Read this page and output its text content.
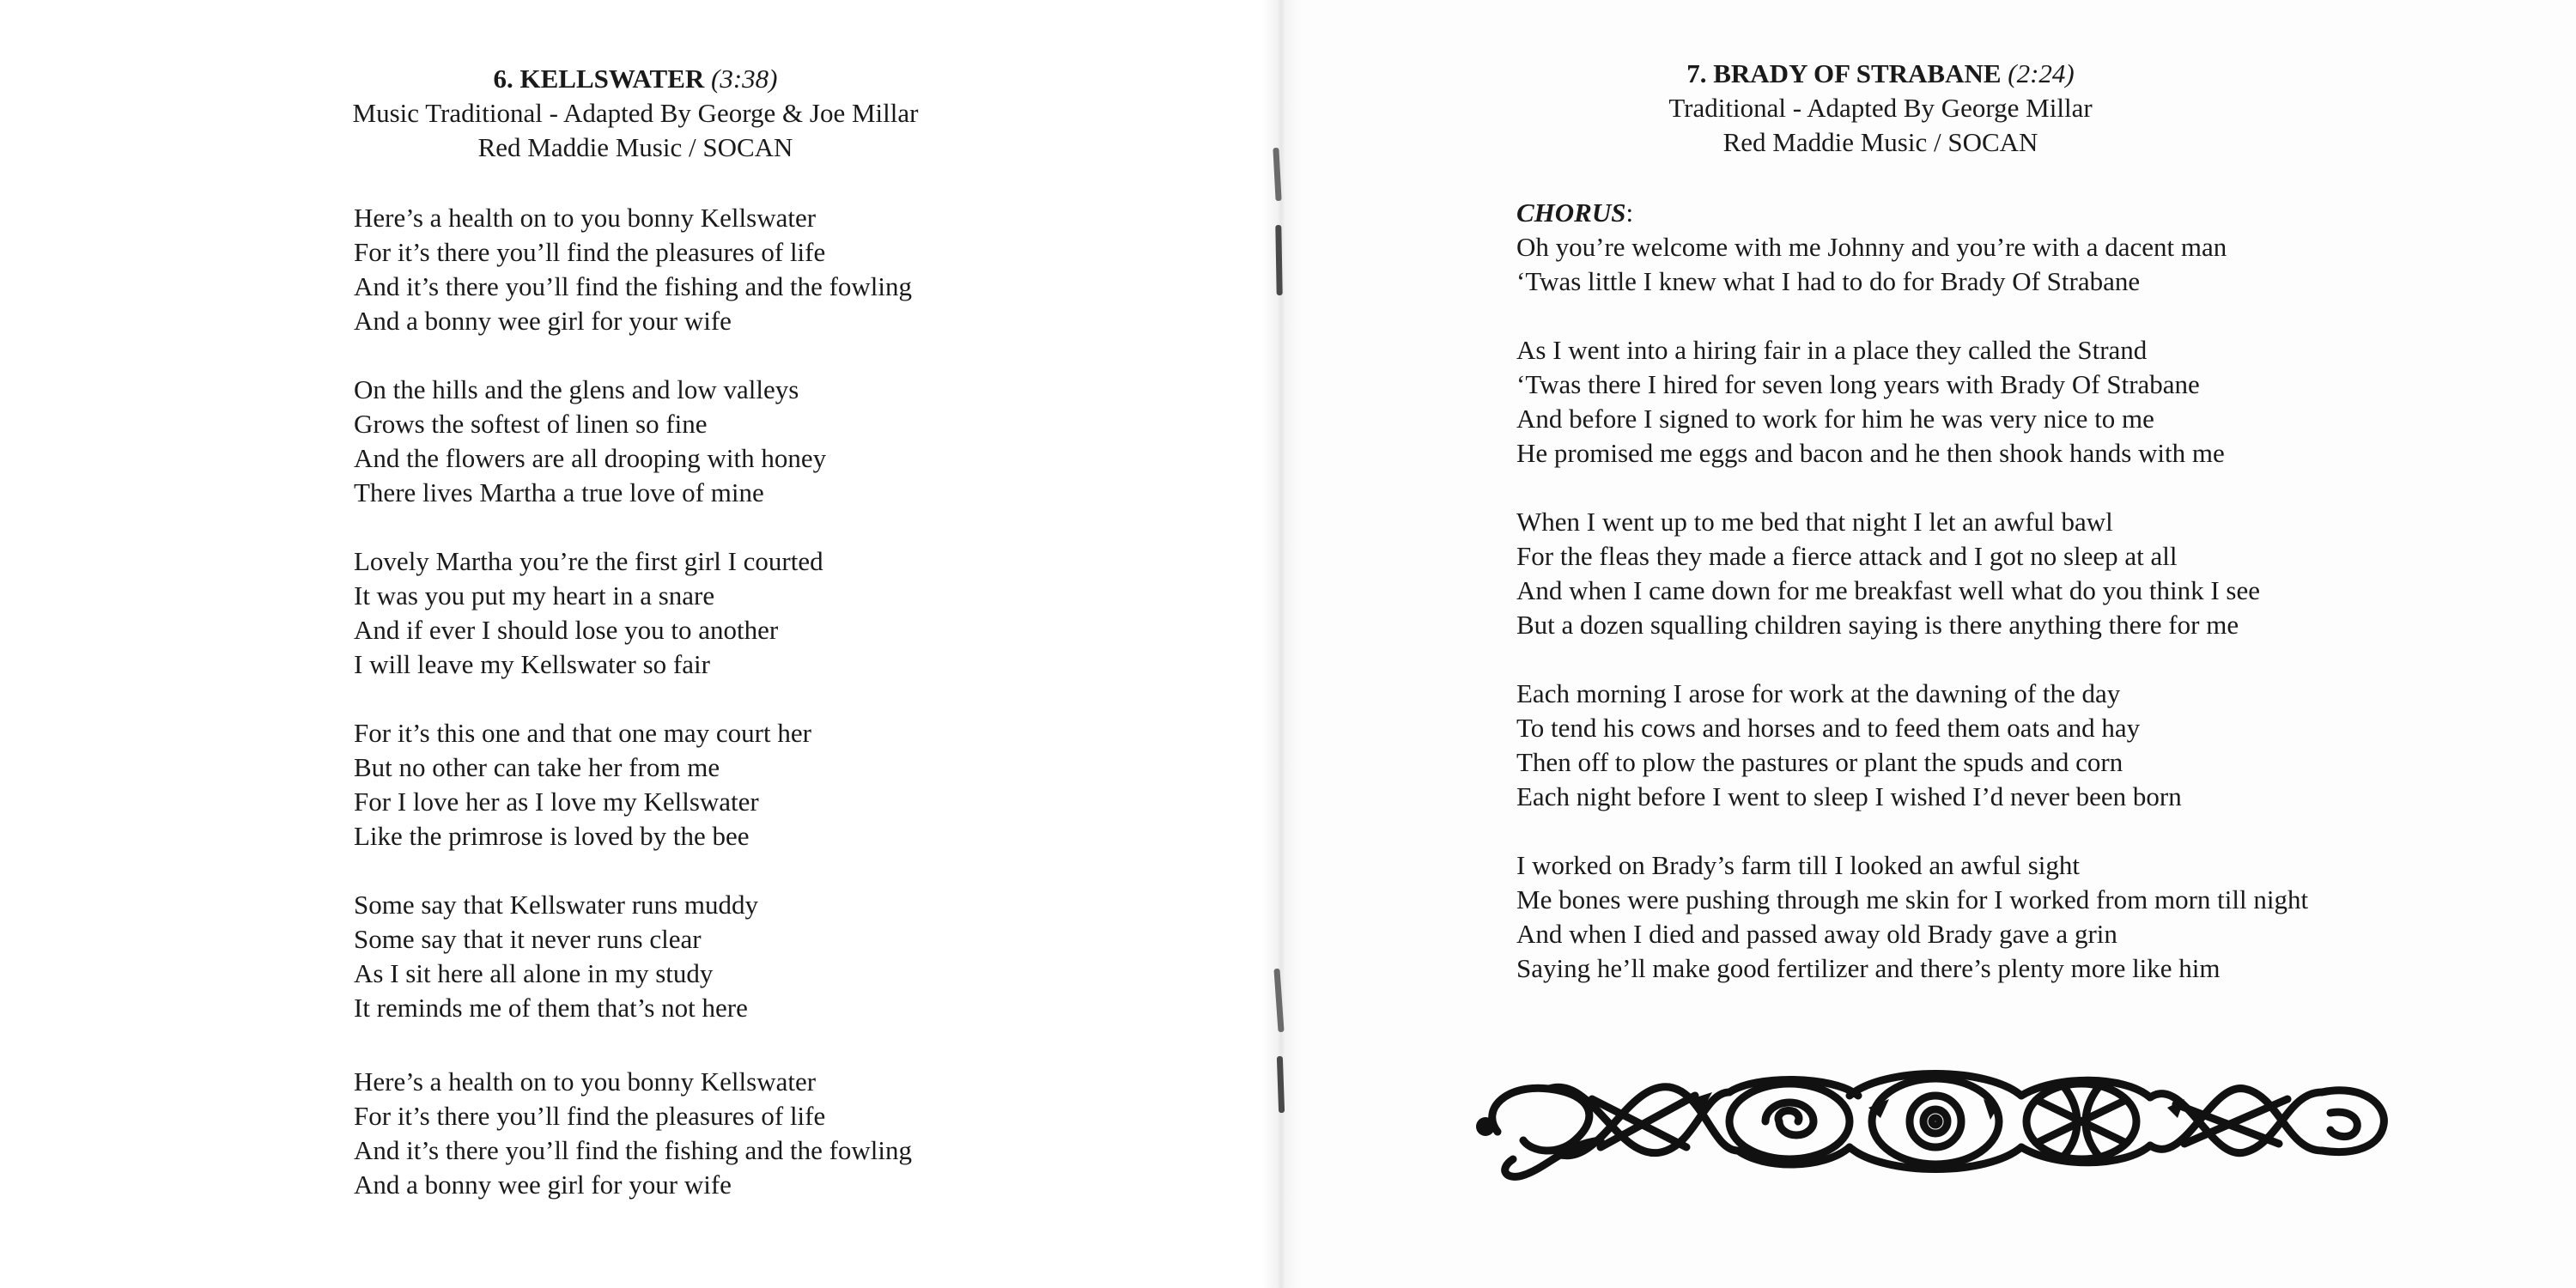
6. KELLSWATER (3:38)
Music Traditional - Adapted By George & Joe Millar
Red Maddie Music / SOCAN
Here’s a health on to you bonny Kellswater
For it’s there you’ll find the pleasures of life
And it’s there you’ll find the fishing and the fowling
And a bonny wee girl for your wife
On the hills and the glens and low valleys
Grows the softest of linen so fine
And the flowers are all drooping with honey
There lives Martha a true love of mine
Lovely Martha you’re the first girl I courted
It was you put my heart in a snare
And if ever I should lose you to another
I will leave my Kellswater so fair
For it’s this one and that one may court her
But no other can take her from me
For I love her as I love my Kellswater
Like the primrose is loved by the bee
Some say that Kellswater runs muddy
Some say that it never runs clear
As I sit here all alone in my study
It reminds me of them that’s not here
Here’s a health on to you bonny Kellswater
For it’s there you’ll find the pleasures of life
And it’s there you’ll find the fishing and the fowling
And a bonny wee girl for your wife
7. BRADY OF STRABANE (2:24)
Traditional - Adapted By George Millar
Red Maddie Music / SOCAN
CHORUS:
Oh you’re welcome with me Johnny and you’re with a dacent man
‘Twas little I knew what I had to do for Brady Of Strabane
As I went into a hiring fair in a place they called the Strand
‘Twas there I hired for seven long years with Brady Of Strabane
And before I signed to work for him he was very nice to me
He promised me eggs and bacon and he then shook hands with me
When I went up to me bed that night I let an awful bawl
For the fleas they made a fierce attack and I got no sleep at all
And when I came down for me breakfast well what do you think I see
But a dozen squalling children saying is there anything there for me
Each morning I arose for work at the dawning of the day
To tend his cows and horses and to feed them oats and hay
Then off to plow the pastures or plant the spuds and corn
Each night before I went to sleep I wished I’d never been born
I worked on Brady’s farm till I looked an awful sight
Me bones were pushing through me skin for I worked from morn till night
And when I died and passed away old Brady gave a grin
Saying he’ll make good fertilizer and there’s plenty more like him
